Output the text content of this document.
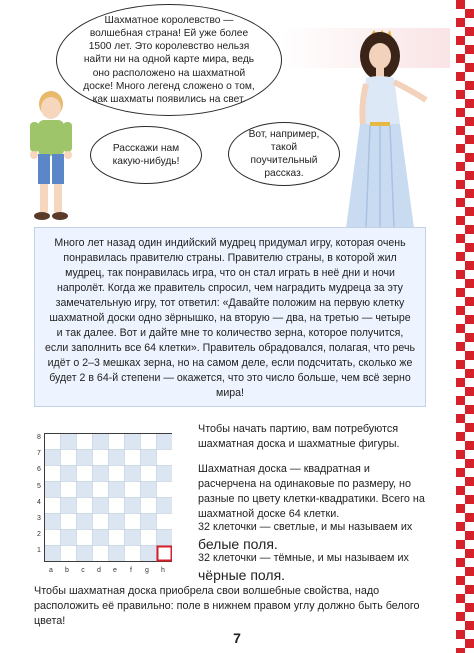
Шахматное королевство — волшебная страна! Ей уже более 1500 лет. Это королевство нельзя найти ни на одной карте мира, ведь оно расположено на шахматной доске! Много легенд сложено о том, как шахматы появились на свет.
Расскажи нам какую-нибудь!
Вот, например, такой поучительный рассказ.
Много лет назад один индийский мудрец придумал игру, которая очень понравилась правителю страны. Правителю страны, в которой жил мудрец, так понравилась игра, что он стал играть в неё дни и ночи напролёт. Когда же правитель спросил, чем наградить мудреца за эту замечательную игру, тот ответил: «Давайте положим на первую клетку шахматной доски одно зёрнышко, на вторую — два, на третью — четыре и так далее. Вот и дайте мне то количество зерна, которое получится, если заполнить все 64 клетки». Правитель обрадовался, полагая, что речь идёт о 2–3 мешках зерна, но на самом деле, если подсчитать, сколько же будет 2 в 64-й степени — окажется, что это число больше, чем всё зерно мира!
8
7
6
5
4
3
2
1
a	b	c	d	e	f	g	h
Чтобы начать партию, вам потребуются шахматная доска и шахматные фигуры.
Шахматная доска — квадратная и расчерчена на одинаковые по размеру, но разные по цвету клетки-квадратики. Всего на шахматной доске 64 клетки.
32 клеточки — светлые, и мы называем их белые поля.
32 клеточки — тёмные, и мы называем их чёрные поля.
Чтобы шахматная доска приобрела свои волшебные свойства, надо расположить её правильно: поле в нижнем правом углу должно быть белого цвета!
7
